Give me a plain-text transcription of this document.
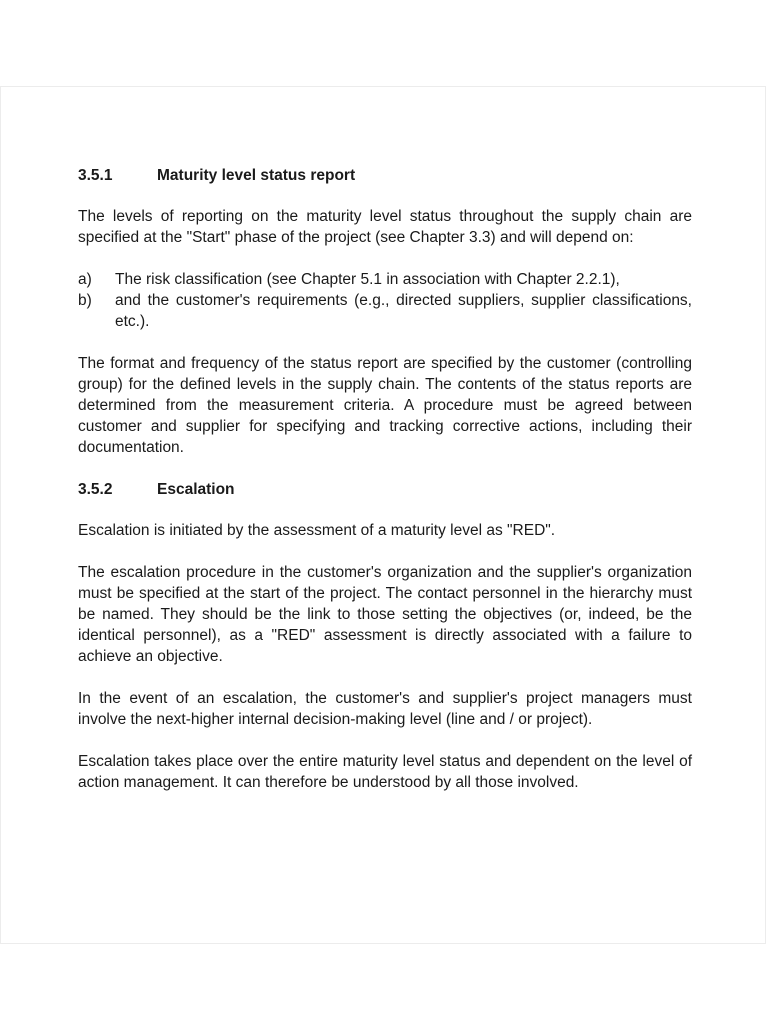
3.5.1	Maturity level status report

The levels of reporting on the maturity level status throughout the supply chain are specified at the "Start" phase of the project (see Chapter 3.3) and will depend on:

a)	The risk classification (see Chapter 5.1 in association with Chapter 2.2.1),
b)	and the customer's requirements (e.g., directed suppliers, supplier classifications, etc.).

The format and frequency of the status report are specified by the customer (controlling group) for the defined levels in the supply chain. The contents of the status reports are determined from the measurement criteria. A procedure must be agreed between customer and supplier for specifying and tracking corrective actions, including their documentation.

3.5.2	Escalation

Escalation is initiated by the assessment of a maturity level as "RED".

The escalation procedure in the customer's organization and the supplier's organization must be specified at the start of the project. The contact personnel in the hierarchy must be named. They should be the link to those setting the objectives (or, indeed, be the identical personnel), as a "RED" assessment is directly associated with a failure to achieve an objective.

In the event of an escalation, the customer's and supplier's project managers must involve the next-higher internal decision-making level (line and / or project).

Escalation takes place over the entire maturity level status and dependent on the level of action management. It can therefore be understood by all those involved.
